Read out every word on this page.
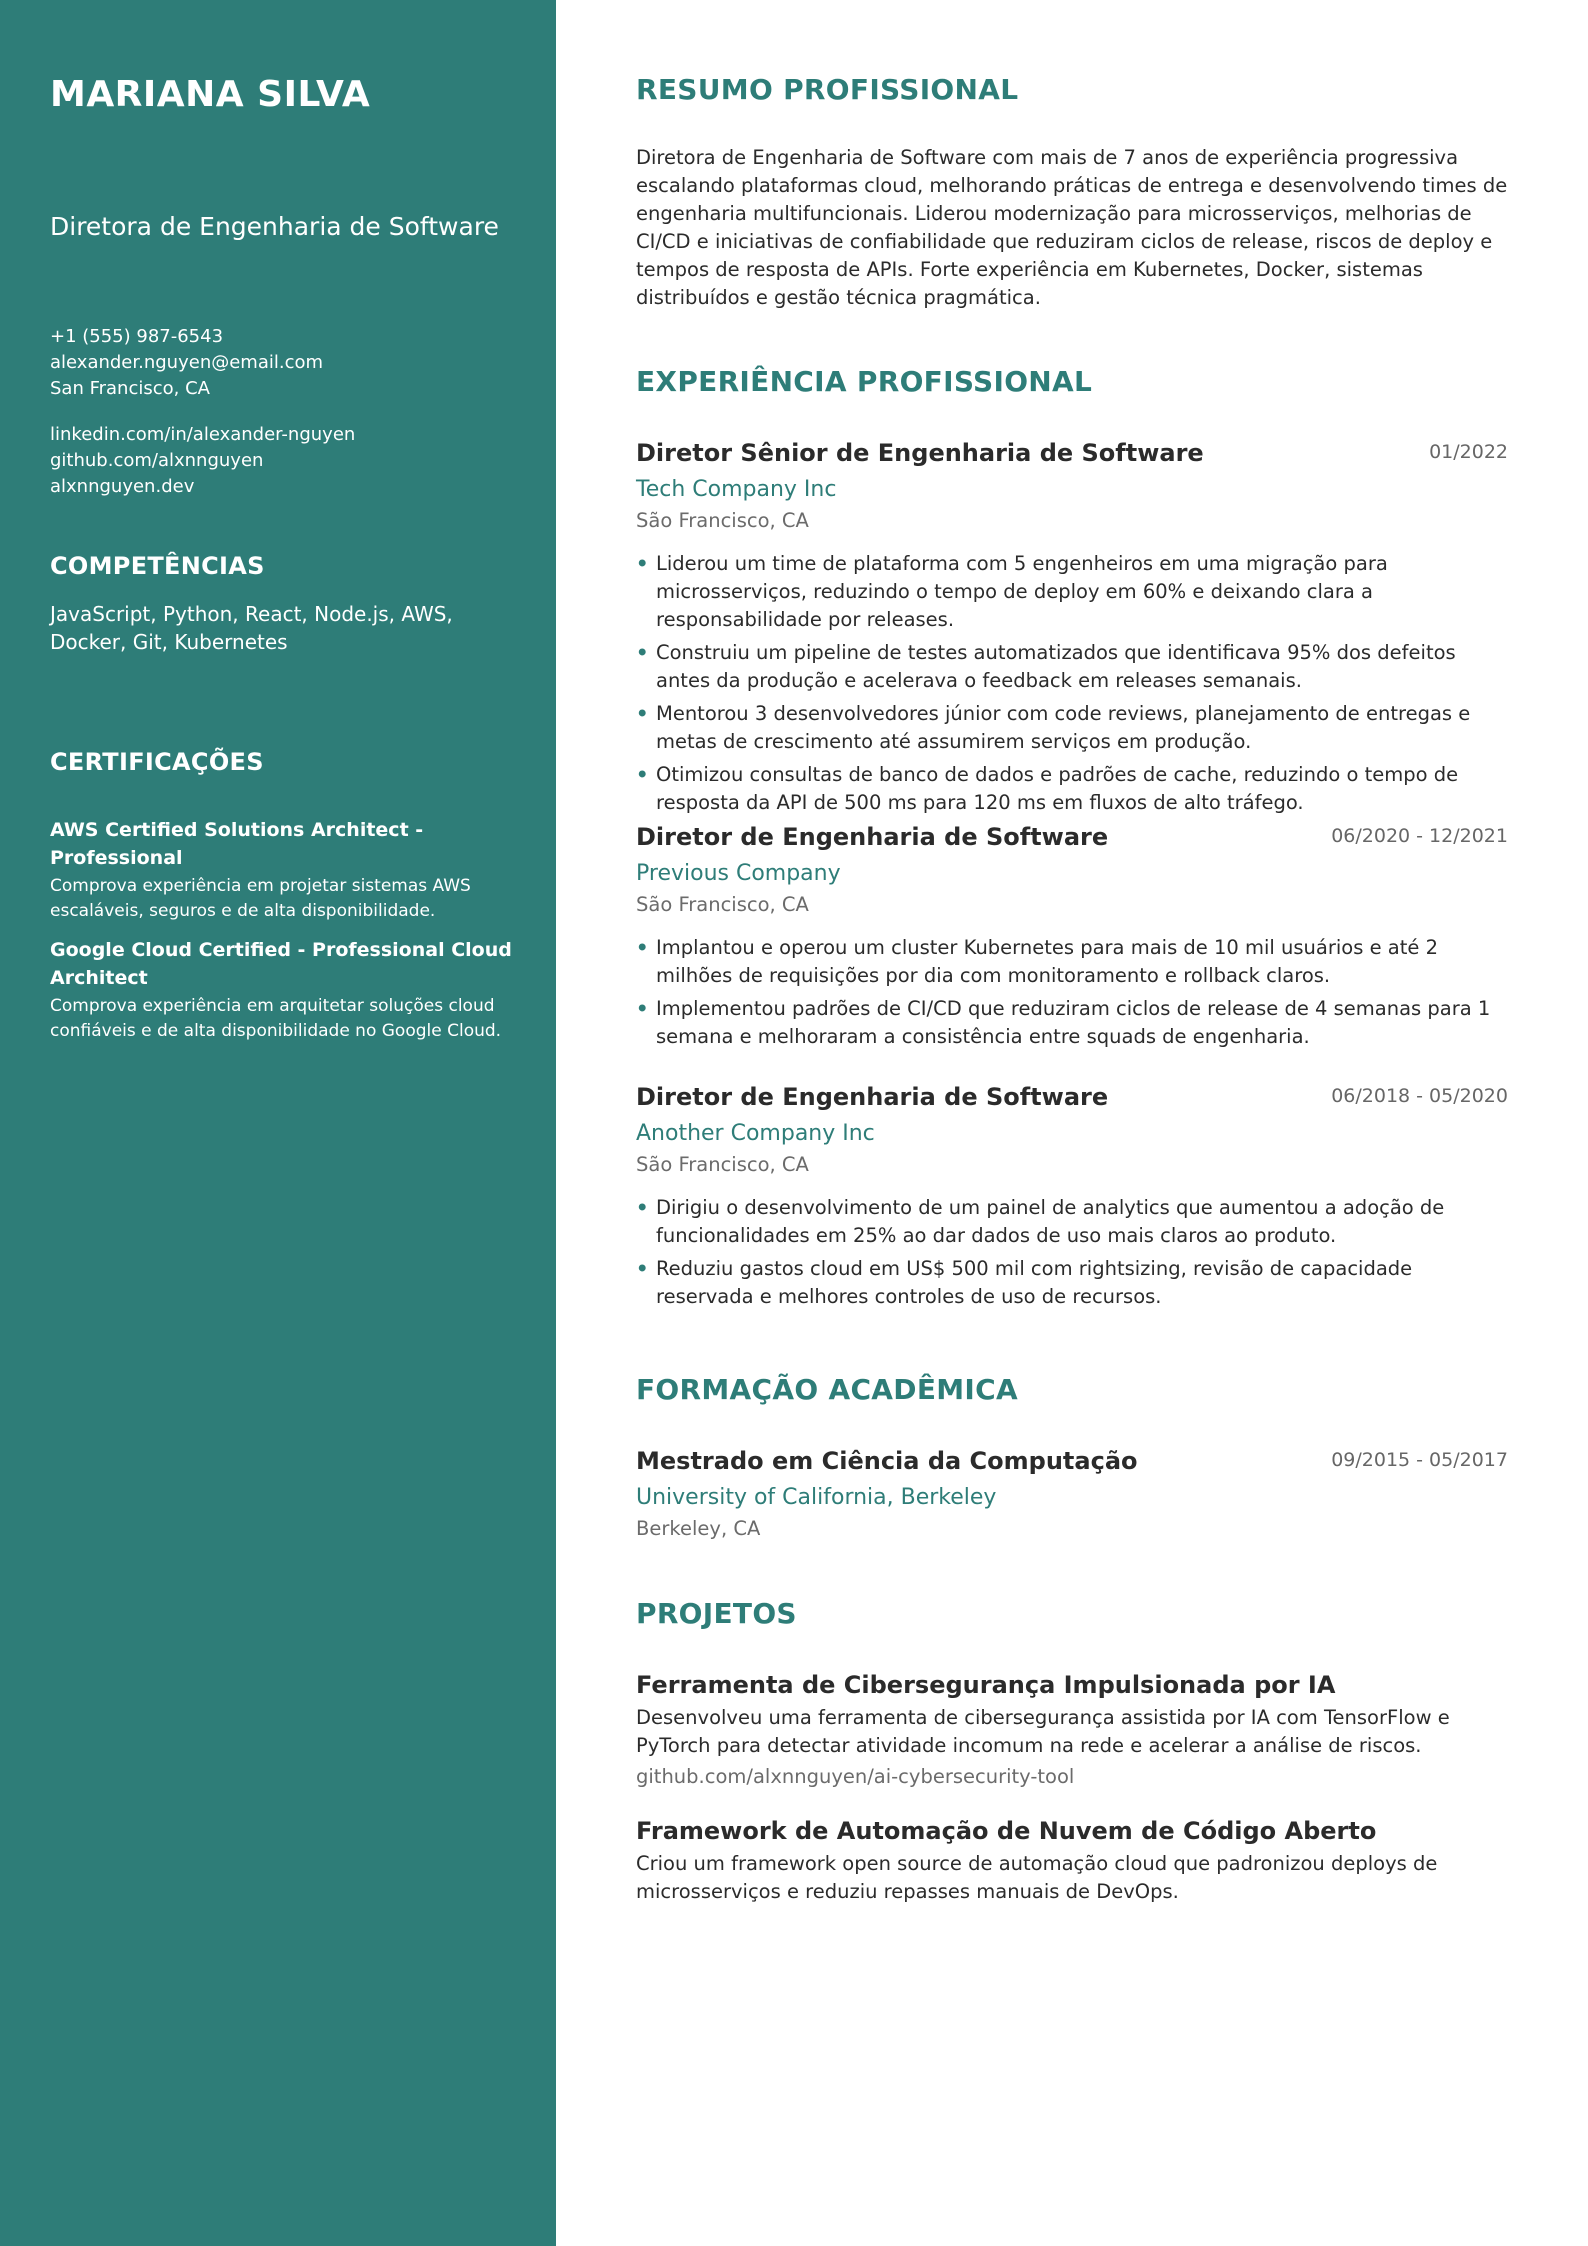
MARIANA SILVA
Diretora de Engenharia de Software
+1 (555) 987-6543
alexander.nguyen@email.com
San Francisco, CA
linkedin.com/in/alexander-nguyen
github.com/alxnnguyen
alxnnguyen.dev
COMPETÊNCIAS
JavaScript, Python, React, Node.js, AWS, Docker, Git, Kubernetes
CERTIFICAÇÕES
AWS Certified Solutions Architect - Professional
Comprova experiência em projetar sistemas AWS escaláveis, seguros e de alta disponibilidade.
Google Cloud Certified - Professional Cloud Architect
Comprova experiência em arquitetar soluções cloud confiáveis e de alta disponibilidade no Google Cloud.
RESUMO PROFISSIONAL
Diretora de Engenharia de Software com mais de 7 anos de experiência progressiva escalando plataformas cloud, melhorando práticas de entrega e desenvolvendo times de engenharia multifuncionais. Liderou modernização para microsserviços, melhorias de CI/CD e iniciativas de confiabilidade que reduziram ciclos de release, riscos de deploy e tempos de resposta de APIs. Forte experiência em Kubernetes, Docker, sistemas distribuídos e gestão técnica pragmática.
EXPERIÊNCIA PROFISSIONAL
Diretor Sênior de Engenharia de Software	01/2022
Tech Company Inc
São Francisco, CA
• Liderou um time de plataforma com 5 engenheiros em uma migração para microsserviços, reduzindo o tempo de deploy em 60% e deixando clara a responsabilidade por releases.
• Construiu um pipeline de testes automatizados que identificava 95% dos defeitos antes da produção e acelerava o feedback em releases semanais.
• Mentorou 3 desenvolvedores júnior com code reviews, planejamento de entregas e metas de crescimento até assumirem serviços em produção.
• Otimizou consultas de banco de dados e padrões de cache, reduzindo o tempo de resposta da API de 500 ms para 120 ms em fluxos de alto tráfego.
Diretor de Engenharia de Software	06/2020 - 12/2021
Previous Company
São Francisco, CA
• Implantou e operou um cluster Kubernetes para mais de 10 mil usuários e até 2 milhões de requisições por dia com monitoramento e rollback claros.
• Implementou padrões de CI/CD que reduziram ciclos de release de 4 semanas para 1 semana e melhoraram a consistência entre squads de engenharia.
Diretor de Engenharia de Software	06/2018 - 05/2020
Another Company Inc
São Francisco, CA
• Dirigiu o desenvolvimento de um painel de analytics que aumentou a adoção de funcionalidades em 25% ao dar dados de uso mais claros ao produto.
• Reduziu gastos cloud em US$ 500 mil com rightsizing, revisão de capacidade reservada e melhores controles de uso de recursos.
FORMAÇÃO ACADÊMICA
Mestrado em Ciência da Computação	09/2015 - 05/2017
University of California, Berkeley
Berkeley, CA
PROJETOS
Ferramenta de Cibersegurança Impulsionada por IA
Desenvolveu uma ferramenta de cibersegurança assistida por IA com TensorFlow e PyTorch para detectar atividade incomum na rede e acelerar a análise de riscos.
github.com/alxnnguyen/ai-cybersecurity-tool
Framework de Automação de Nuvem de Código Aberto
Criou um framework open source de automação cloud que padronizou deploys de microsserviços e reduziu repasses manuais de DevOps.
